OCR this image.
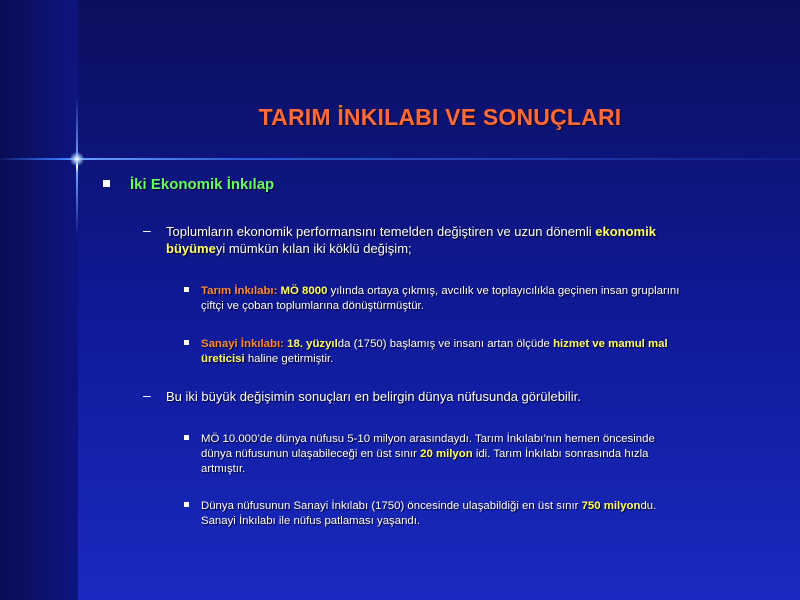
TARIM İNKILABI VE SONUÇLARI
İki Ekonomik İnkılap
– Toplumların ekonomik performansını temelden değiştiren ve uzun dönemli ekonomik
büyümeyi mümkün kılan iki köklü değişim;
Tarım İnkılabı: MÖ 8000 yılında ortaya çıkmış, avcılık ve toplayıcılıkla geçinen insan gruplarını
çiftçi ve çoban toplumlarına dönüştürmüştür.
Sanayi İnkılabı: 18. yüzyılda (1750) başlamış ve insanı artan ölçüde hizmet ve mamul mal
üreticisi haline getirmiştir.
– Bu iki büyük değişimin sonuçları en belirgin dünya nüfusunda görülebilir.
MÖ 10.000’de dünya nüfusu 5-10 milyon arasındaydı. Tarım İnkılabı’nın hemen öncesinde
dünya nüfusunun ulaşabileceği en üst sınır 20 milyon idi. Tarım İnkılabı sonrasında hızla
artmıştır.
Dünya nüfusunun Sanayi İnkılabı (1750) öncesinde ulaşabildiği en üst sınır 750 milyondu.
Sanayi İnkılabı ile nüfus patlaması yaşandı.
